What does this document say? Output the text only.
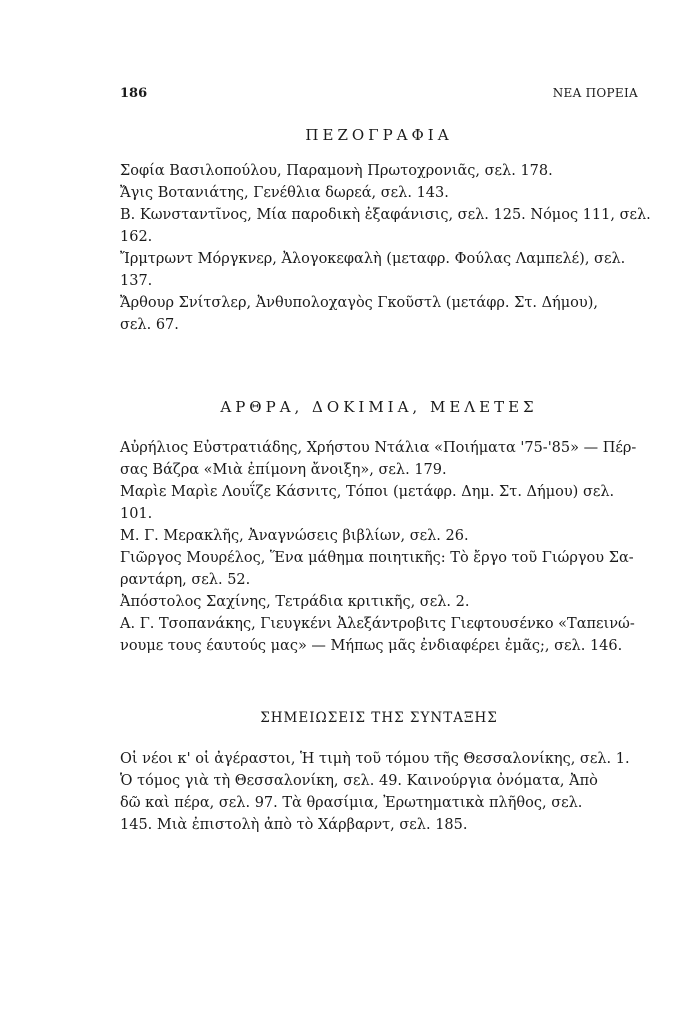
186	ΝΕΑ ΠΟΡΕΙΑ
ΠΕΖΟΓΡΑΦΙΑ
Σοφία Βασιλοπούλου, Παραμονὴ Πρωτοχρονιᾶς, σελ. 178.
Ἄγις Βοτανιάτης, Γενέθλια δωρεά, σελ. 143.
Β. Κωνσταντῖνος, Μία παροδικὴ ἐξαφάνισις, σελ. 125. Νόμος 111, σελ.
162.
Ἴρμτρωντ Μόργκνερ, Ἀλογοκεφαλὴ (μεταφρ. Φούλας Λαμπελέ), σελ.
137.
Ἄρθουρ Σνίτσλερ, Ἀνθυπολοχαγὸς Γκοῦστλ (μετάφρ. Στ. Δήμου),
σελ. 67.
ΑΡΘΡΑ, ΔΟΚΙΜΙΑ, ΜΕΛΕΤΕΣ
Αὐρήλιος Εὐστρατιάδης, Χρήστου Ντάλια «Ποιήματα '75-'85» — Πέρ-
σας Βάζρα «Μιὰ ἐπίμονη ἄνοιξη», σελ. 179.
Μαρὶε Μαρὶε Λουΐζε Κάσνιτς, Τόποι (μετάφρ. Δημ. Στ. Δήμου) σελ.
101.
Μ. Γ. Μερακλῆς, Ἀναγνώσεις βιβλίων, σελ. 26.
Γιῶργος Μουρέλος, Ἕνα μάθημα ποιητικῆς: Τὸ ἔργο τοῦ Γιώργου Σα-
ραντάρη, σελ. 52.
Ἀπόστολος Σαχίνης, Τετράδια κριτικῆς, σελ. 2.
Α. Γ. Τσοπανάκης, Γιευγκένι Ἀλεξάντροβιτς Γιεφτουσένκο «Ταπεινώ-
νουμε τους έαυτούς μας» — Μήπως μᾶς ἐνδιαφέρει ἐμᾶς;, σελ. 146.
ΣΗΜΕΙΩΣΕΙΣ ΤΗΣ ΣΥΝΤΑΞΗΣ
Οἱ νέοι κ' οἱ ἀγέραστοι, Ἡ τιμὴ τοῦ τόμου τῆς Θεσσαλονίκης, σελ. 1.
Ὁ τόμος γιὰ τὴ Θεσσαλονίκη, σελ. 49. Καινούργια ὀνόματα, Ἀπὸ
δῶ καὶ πέρα, σελ. 97. Τὰ θρασίμια, Ἐρωτηματικὰ πλῆθος, σελ.
145. Μιὰ ἐπιστολὴ ἀπὸ τὸ Χάρβαρντ, σελ. 185.
